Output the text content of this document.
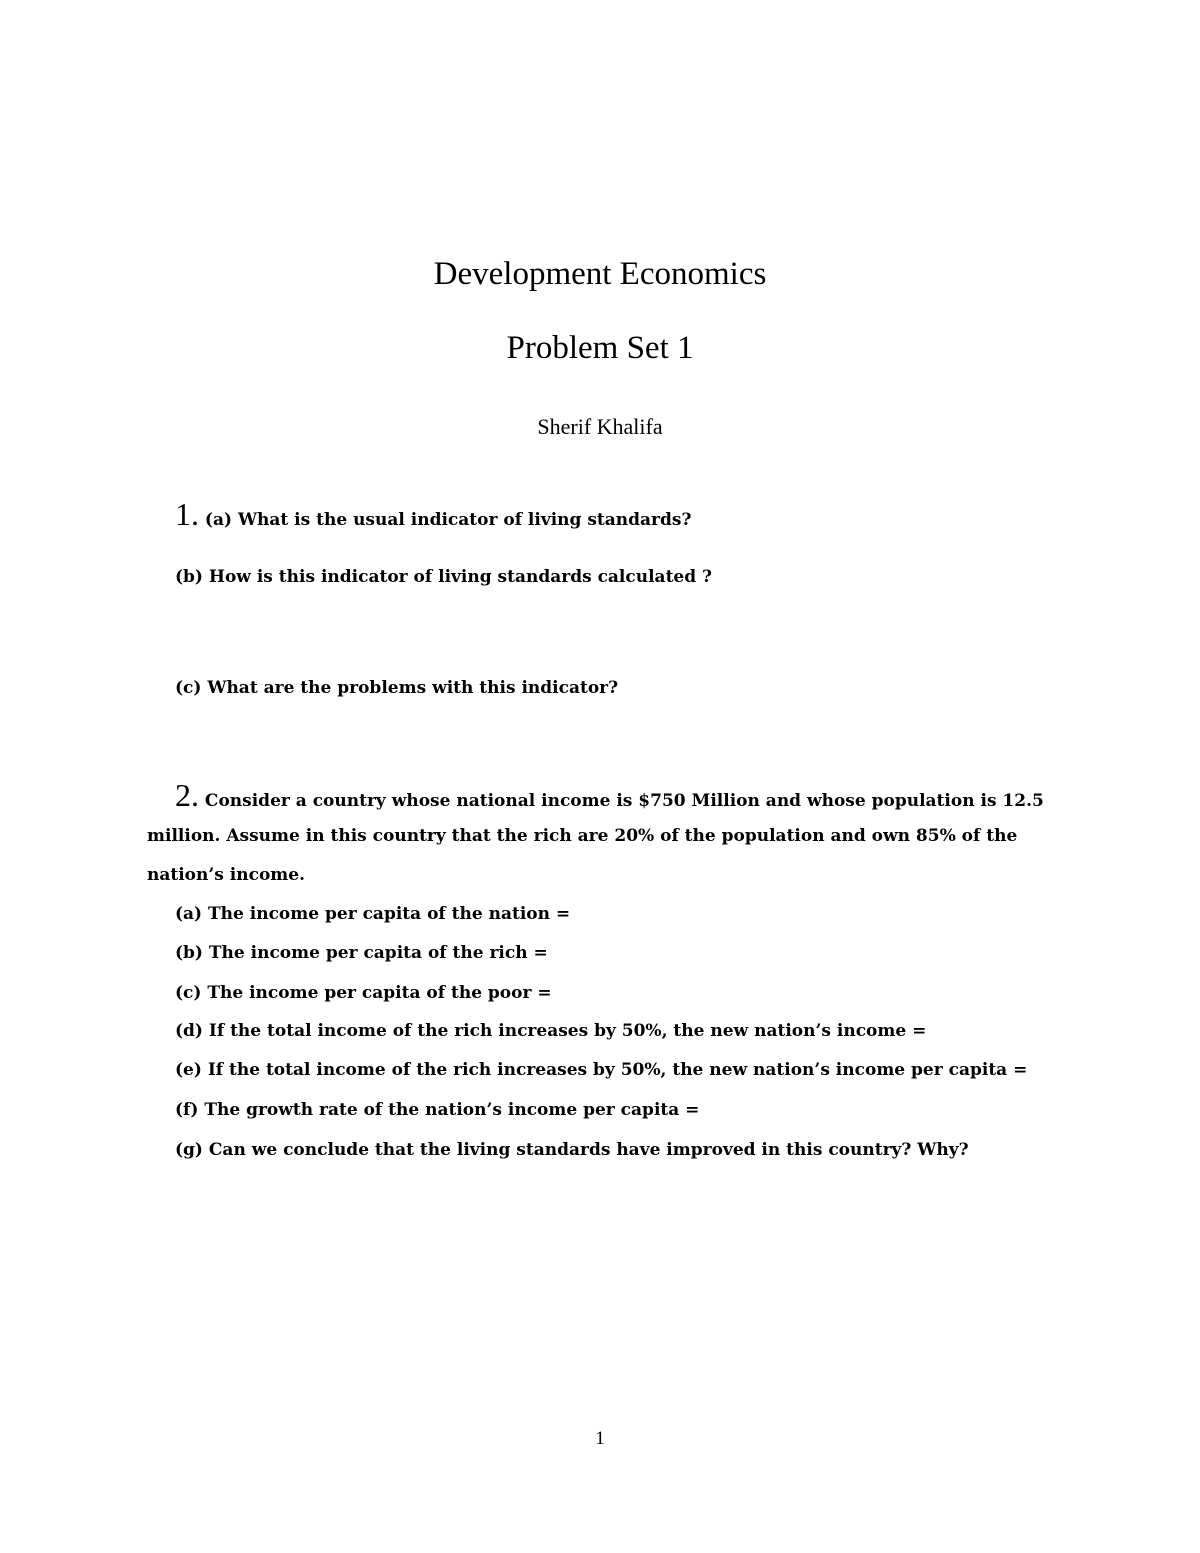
Development Economics
Problem Set 1
Sherif Khalifa
1. (a) What is the usual indicator of living standards?
(b) How is this indicator of living standards calculated ?
(c) What are the problems with this indicator?
2. Consider a country whose national income is $750 Million and whose population is 12.5
million. Assume in this country that the rich are 20% of the population and own 85% of the
nation’s income.
(a) The income per capita of the nation =
(b) The income per capita of the rich =
(c) The income per capita of the poor =
(d) If the total income of the rich increases by 50%, the new nation’s income =
(e) If the total income of the rich increases by 50%, the new nation’s income per capita =
(f) The growth rate of the nation’s income per capita =
(g) Can we conclude that the living standards have improved in this country? Why?
1
